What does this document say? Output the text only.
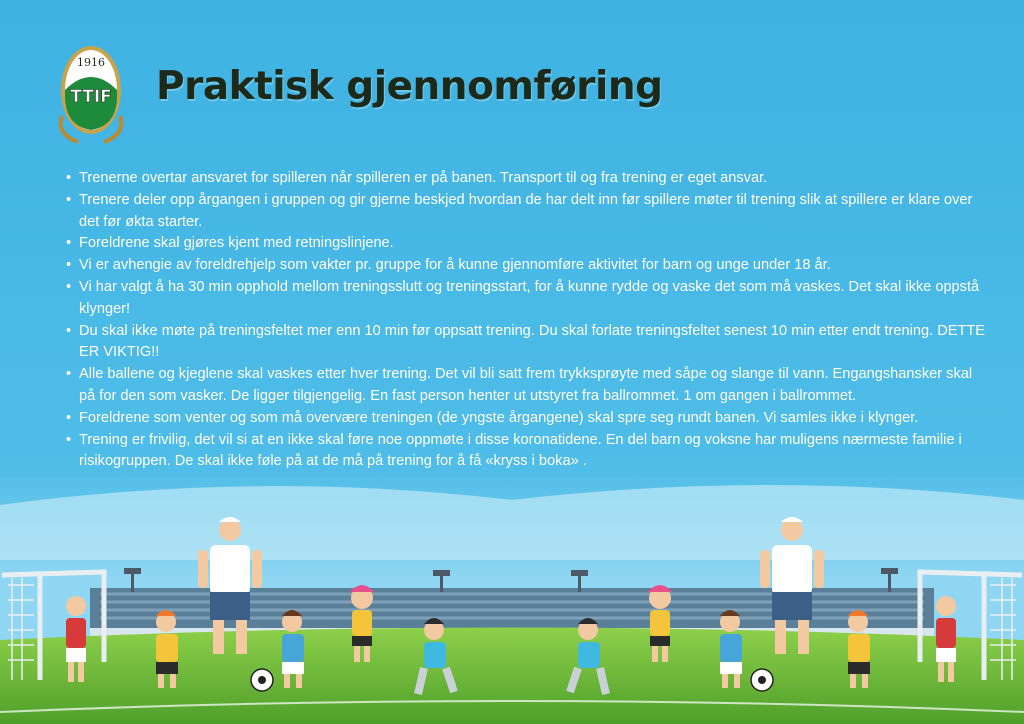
1916
TTIF Praktisk gjennomføring
• Trenerne overtar ansvaret for spilleren når spilleren er på banen. Transport til og fra trening er eget ansvar.
• Trenere deler opp årgangen i gruppen og gir gjerne beskjed hvordan de har delt inn før spillere møter til trening slik at spillere er klare over det før økta starter.
• Foreldrene skal gjøres kjent med retningslinjene.
• Vi er avhengie av foreldrehjelp som vakter pr. gruppe for å kunne gjennomføre aktivitet for barn og unge under 18 år.
• Vi har valgt å ha 30 min opphold mellom treningsslutt og treningsstart, for å kunne rydde og vaske det som må vaskes. Det skal ikke oppstå klynger!
• Du skal ikke møte på treningsfeltet mer enn 10 min før oppsatt trening. Du skal forlate treningsfeltet senest 10 min etter endt trening. DETTE ER VIKTIG!!
• Alle ballene og kjeglene skal vaskes etter hver trening. Det vil bli satt frem trykksprøyte med såpe og slange til vann. Engangshansker skal på for den som vasker. De ligger tilgjengelig. En fast person henter ut utstyret fra ballrommet. 1 om gangen i ballrommet.
• Foreldrene som venter og som må overvære treningen (de yngste årgangene) skal spre seg rundt banen. Vi samles ikke i klynger.
• Trening er frivilig, det vil si at en ikke skal føre noe oppmøte i disse koronatidene. En del barn og voksne har muligens nærmeste familie i risikogruppen. De skal ikke føle på at de må på trening for å få «kryss i boka» .
